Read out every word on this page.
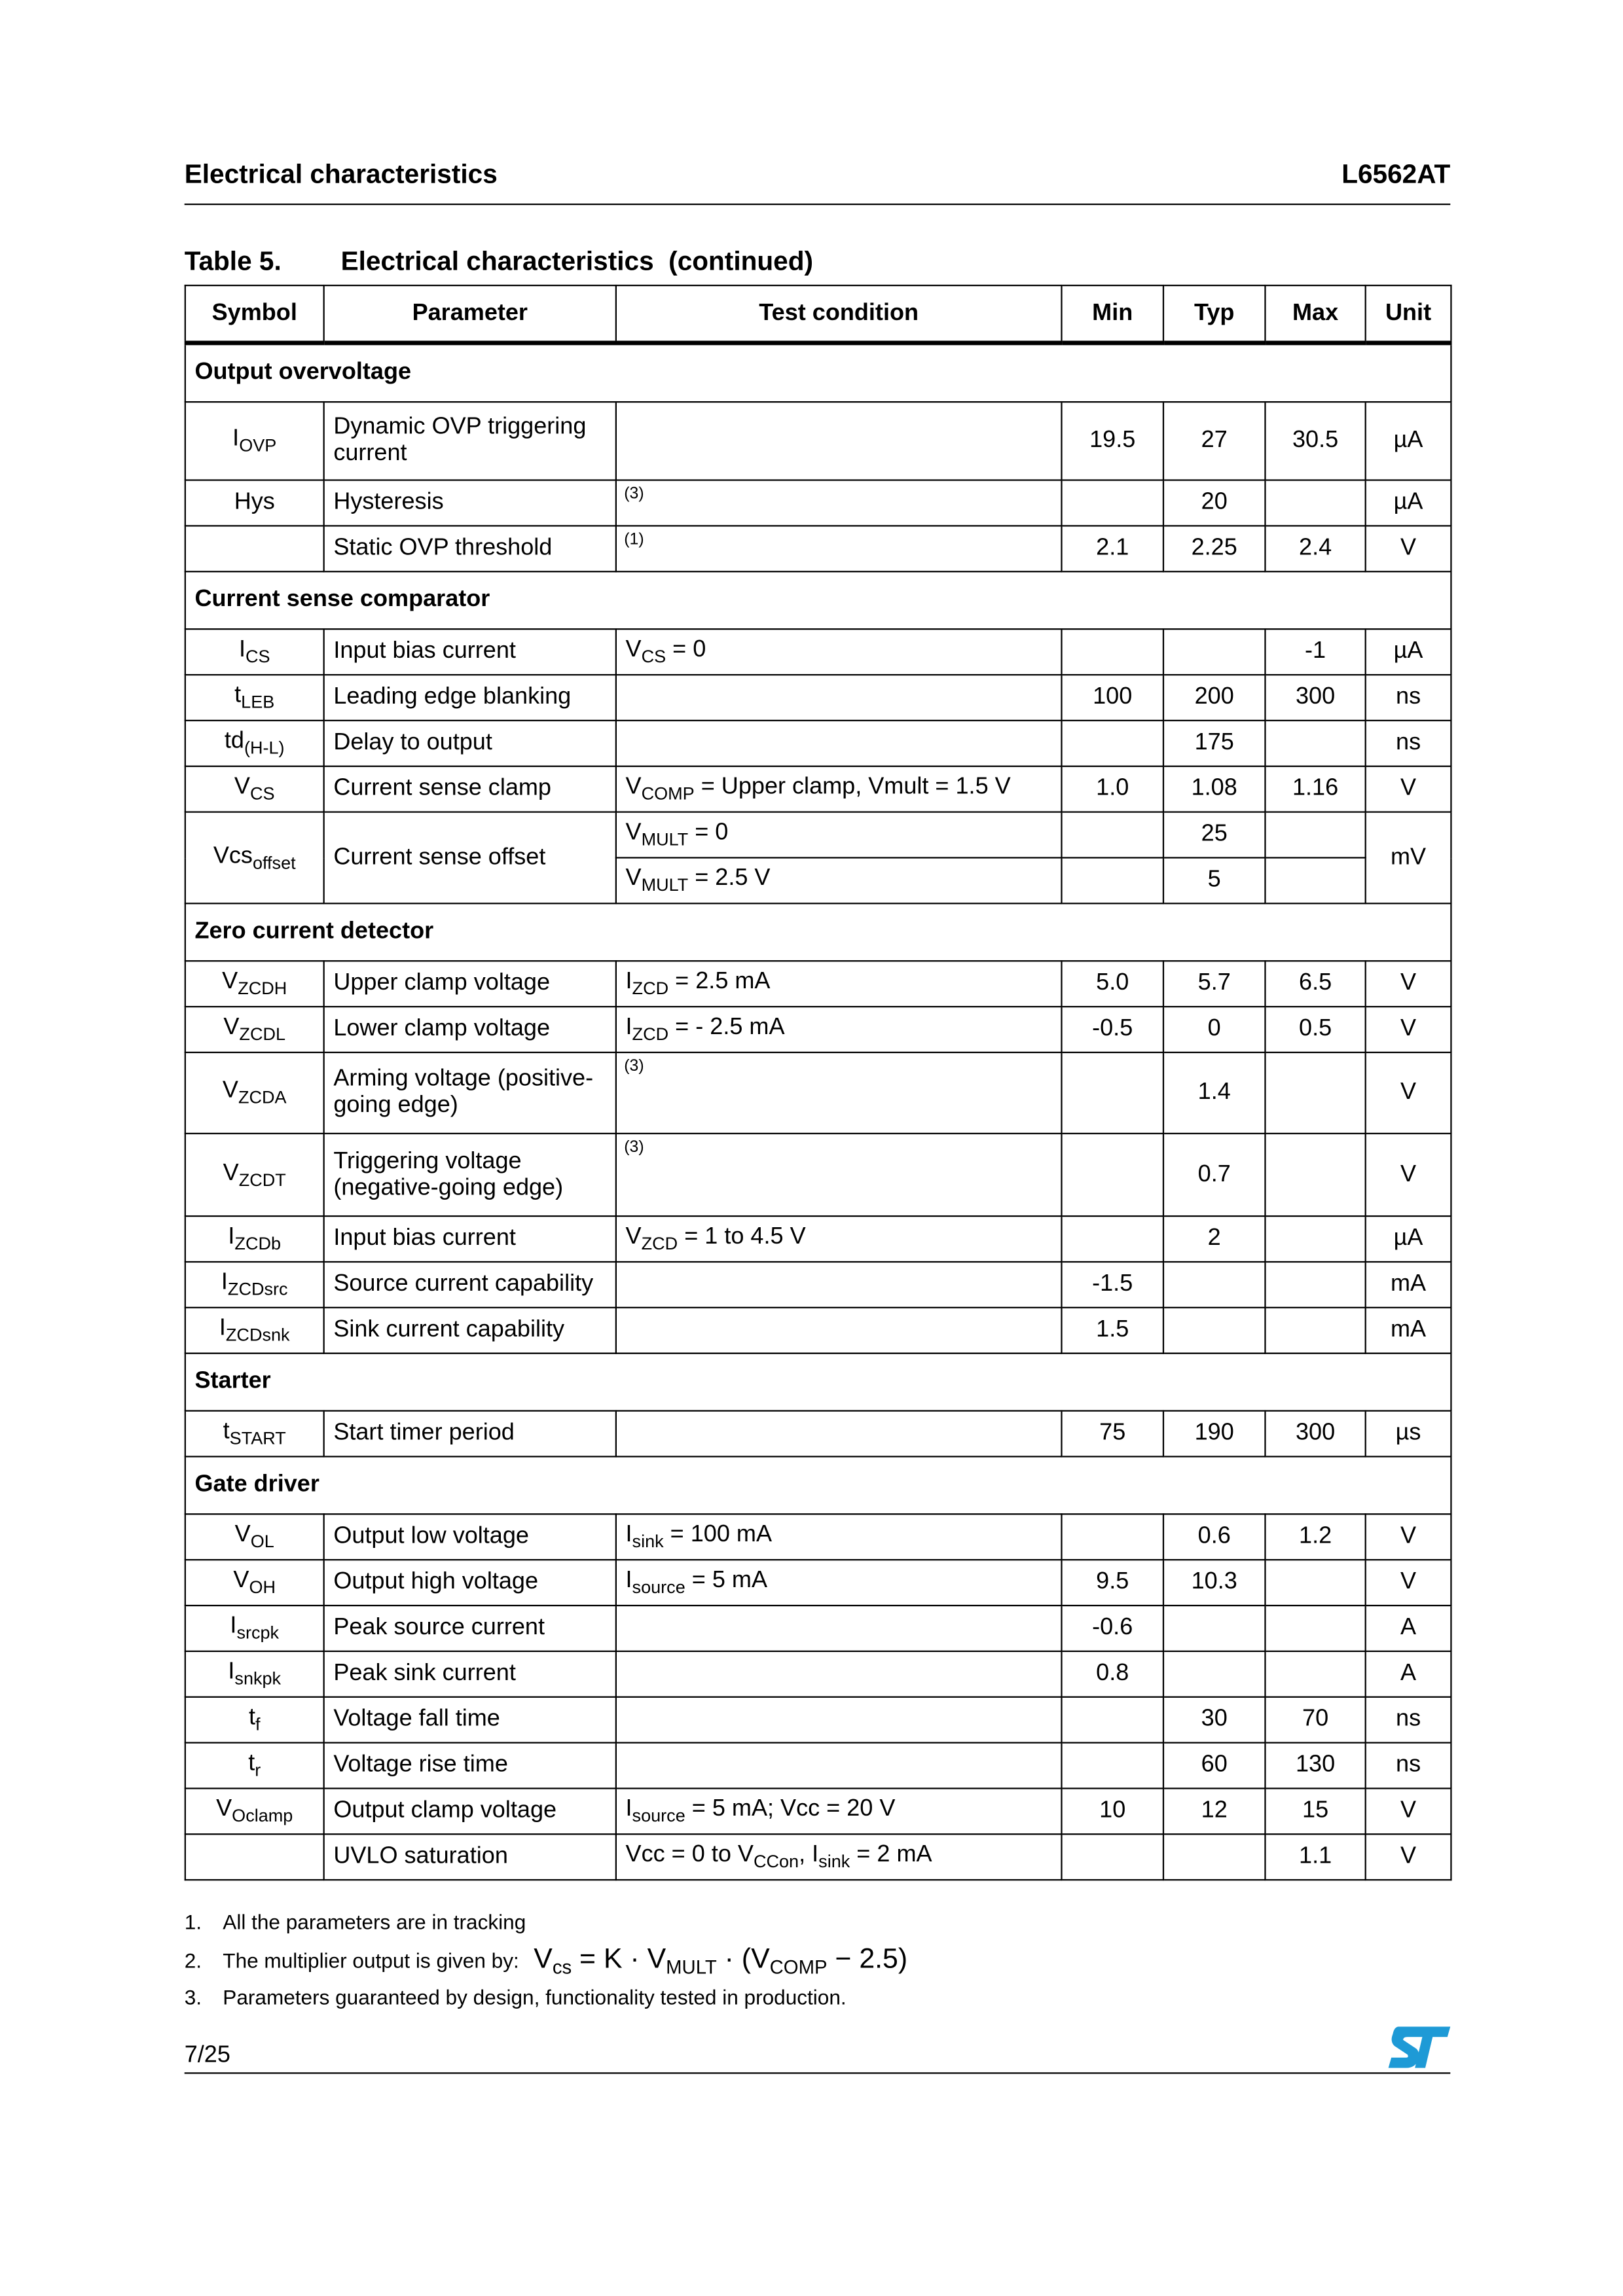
Electrical characteristics	L6562AT
Table 5.	Electrical characteristics  (continued)
Symbol	Parameter	Test condition	Min	Typ	Max	Unit
Output overvoltage						
$I_{OVP}$	Dynamic OVP triggering current		19.5	27	30.5	µA
Hys	Hysteresis	(3)		20		µA
	Static OVP threshold	(1)	2.1	2.25	2.4	V
Current sense comparator						
$I_{CS}$	Input bias current	$V_{CS} = 0$			-1	µA
$t_{LEB}$	Leading edge blanking		100	200	300	ns
$td_{(H-L)}$	Delay to output			175		ns
$V_{CS}$	Current sense clamp	$V_{COMP}$ = Upper clamp, Vmult = 1.5 V	1.0	1.08	1.16	V
Vcs$_{offset}$	Current sense offset	$V_{MULT} = 0$		25		mV
		$V_{MULT} = 2.5$ V		5		
Zero current detector						
$V_{ZCDH}$	Upper clamp voltage	$I_{ZCD} = 2.5$ mA	5.0	5.7	6.5	V
$V_{ZCDL}$	Lower clamp voltage	$I_{ZCD}$ = - 2.5 mA	-0.5	0	0.5	V
$V_{ZCDA}$	Arming voltage (positive-going edge)	(3)		1.4		V
$V_{ZCDT}$	Triggering voltage (negative-going edge)	(3)		0.7		V
$I_{ZCDb}$	Input bias current	$V_{ZCD} = 1$ to 4.5 V		2		µA
$I_{ZCDsrc}$	Source current capability		-1.5			mA
$I_{ZCDsnk}$	Sink current capability		1.5			mA
Starter						
$t_{START}$	Start timer period		75	190	300	µs
Gate driver						
$V_{OL}$	Output low voltage	$I_{sink} = 100$ mA		0.6	1.2	V
$V_{OH}$	Output high voltage	$I_{source} = 5$ mA	9.5	10.3		V
$I_{srcpk}$	Peak source current		-0.6			A
$I_{snkpk}$	Peak sink current		0.8			A
$t_f$	Voltage fall time			30	70	ns
$t_r$	Voltage rise time			60	130	ns
$V_{Oclamp}$	Output clamp voltage	$I_{source} = 5$ mA; Vcc = 20 V	10	12	15	V
	UVLO saturation	Vcc = 0 to $V_{CCon}$, $I_{sink} = 2$ mA			1.1	V
1. All the parameters are in tracking
2. The multiplier output is given by: $V_{cs} = K \cdot V_{MULT} \cdot (V_{COMP} - 2.5)$
3. Parameters guaranteed by design, functionality tested in production.
7/25
